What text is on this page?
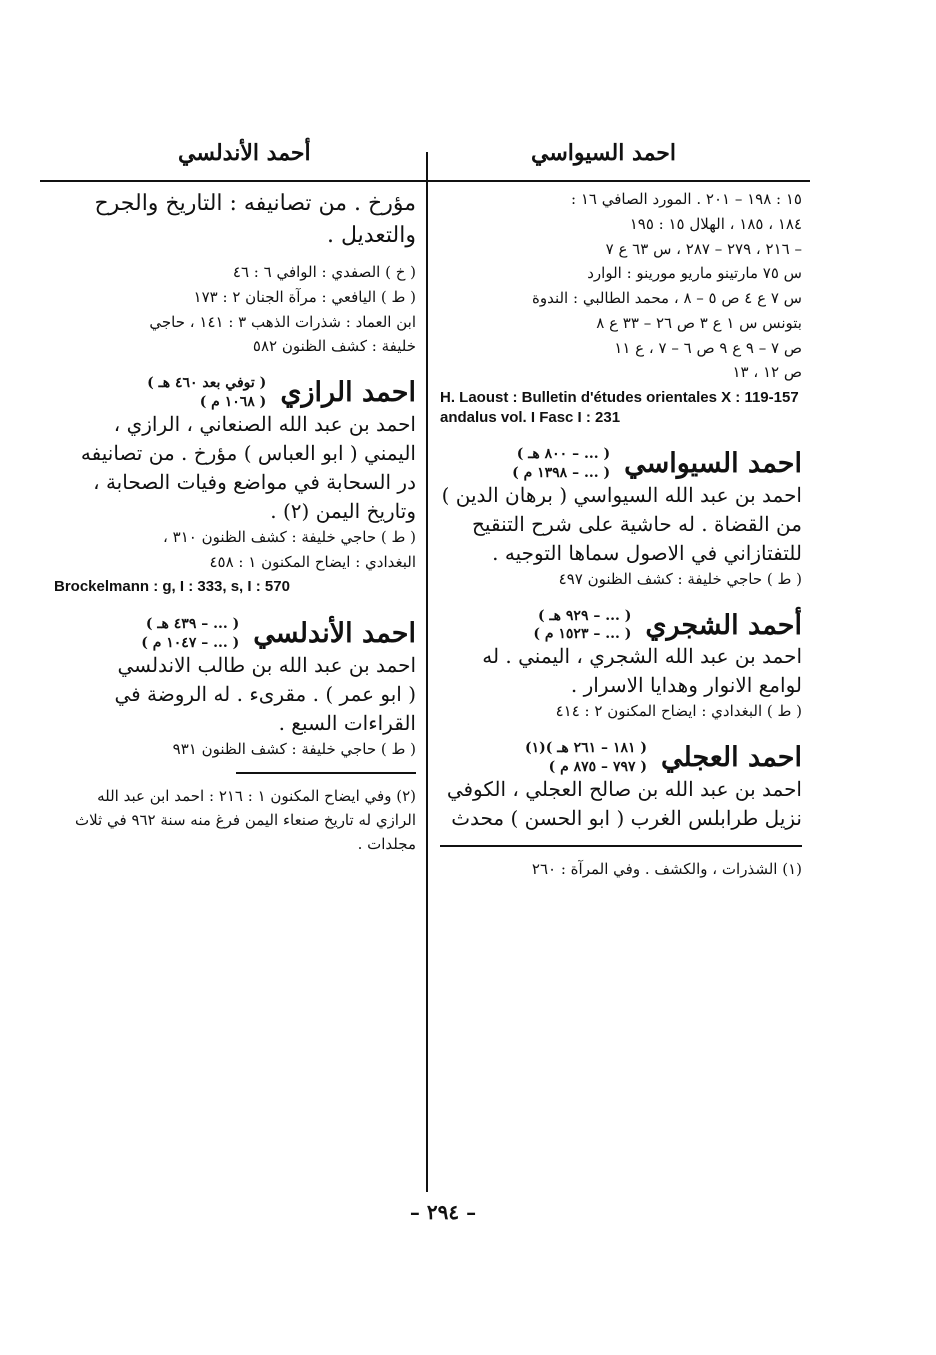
احمد السيواسي
أحمد الأندلسي
١٥ : ١٩٨ – ٢٠١ . المورد الصافي ١٦ :
١٨٤ ، ١٨٥ ، الهلال ١٥ : ١٩٥
– ٢١٦ ، ٢٧٩ – ٢٨٧ ، س ٦٣ ع ٧
س ٧٥ مارتينو ماريو مورينو : الوارد
س ٧ ع ٤ ص ٥ – ٨ ، محمد الطالبي : الندوة
بتونس س ١ ع ٣ ص ٢٦ – ٣٣ ع ٨
ص ٧ – ٩ ع ٩ ص ٦ – ٧ ، ع ١١
ص ١٢ ، ١٣
H. Laoust : Bulletin d'études orientales X : 119-157 andalus vol. I Fasc I : 231
احمد السيواسي
( ... – ٨٠٠ هـ )
( ... – ١٣٩٨ م )
احمد بن عبد الله السيواسي ( برهان الدين )
من القضاة . له حاشية على شرح التنقيح
للتفتازاني في الاصول سماها التوجيه .
( ط ) حاجي خليفة : كشف الظنون ٤٩٧
أحمد الشجري
( ... – ٩٢٩ هـ )
( ... – ١٥٢٣ م )
احمد بن عبد الله الشجري ، اليمني . له
لوامع الانوار وهدايا الاسرار .
( ط ) البغدادي : ايضاح المكنون ٢ : ٤١٤
احمد العجلي
( ١٨١ – ٢٦١ هـ )(١)
( ٧٩٧ – ٨٧٥ م )
احمد بن عبد الله بن صالح العجلي ، الكوفي
نزيل طرابلس الغرب ( ابو الحسن ) محدث
(١) الشذرات ، والكشف . وفي المرآة : ٢٦٠
مؤرخ . من تصانيفه : التاريخ والجرح
والتعديل .
( خ ) الصفدي : الوافي ٦ : ٤٦
( ط ) اليافعي : مرآة الجنان ٢ : ١٧٣
ابن العماد : شذرات الذهب ٣ : ١٤١ ، حاجي
خليفة : كشف الظنون ٥٨٢
احمد الرازي
( توفي بعد ٤٦٠ هـ )
( ١٠٦٨ م )
احمد بن عبد الله الصنعاني ، الرازي ،
اليمني ( ابو العباس ) مؤرخ . من تصانيفه
در السحابة في مواضع وفيات الصحابة ،
وتاريخ اليمن (٢) .
( ط ) حاجي خليفة : كشف الظنون ٣١٠ ،
البغدادي : ايضاح المكنون ١ : ٤٥٨
Brockelmann : g, I : 333, s, I : 570
احمد الأندلسي
( ... – ٤٣٩ هـ )
( ... – ١٠٤٧ م )
احمد بن عبد الله بن طالب الاندلسي
( ابو عمر ) . مقرىء . له الروضة في
القراءات السبع .
( ط ) حاجي خليفة : كشف الظنون ٩٣١
(٢) وفي ايضاح المكنون ١ : ٢١٦ : احمد ابن عبد الله الرازي له تاريخ صنعاء اليمن فرغ منه سنة ٩٦٢ في ثلاث مجلدات .
– ٢٩٤ –
